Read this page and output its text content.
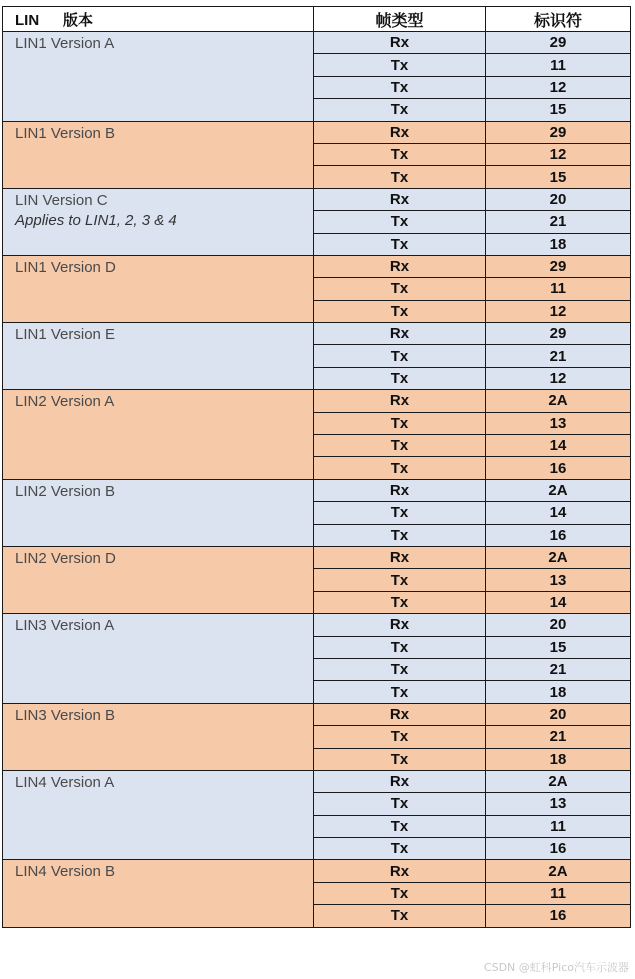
LIN 版本	帧类型	标识符
LIN1 Version A	Rx	29
	Tx	11
	Tx	12
	Tx	15
LIN1 Version B	Rx	29
	Tx	12
	Tx	15
LIN Version C
Applies to LIN1, 2, 3 & 4	Rx	20
	Tx	21
	Tx	18
LIN1 Version D	Rx	29
	Tx	11
	Tx	12
LIN1 Version E	Rx	29
	Tx	21
	Tx	12
LIN2 Version A	Rx	2A
	Tx	13
	Tx	14
	Tx	16
LIN2 Version B	Rx	2A
	Tx	14
	Tx	16
LIN2 Version D	Rx	2A
	Tx	13
	Tx	14
LIN3 Version A	Rx	20
	Tx	15
	Tx	21
	Tx	18
LIN3 Version B	Rx	20
	Tx	21
	Tx	18
LIN4 Version A	Rx	2A
	Tx	13
	Tx	11
	Tx	16
LIN4 Version B	Rx	2A
	Tx	11
	Tx	16
CSDN @虹科Pico汽车示波器
